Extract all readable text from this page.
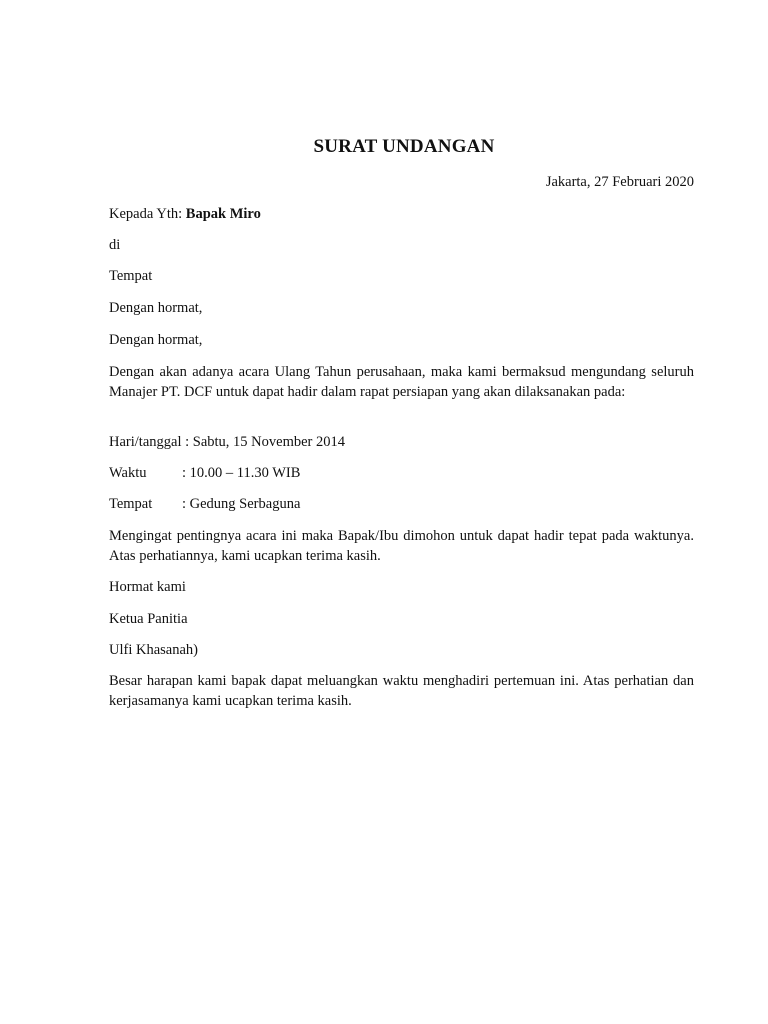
SURAT UNDANGAN
Jakarta, 27 Februari 2020
Kepada Yth: Bapak Miro
di
Tempat
Dengan hormat,
Dengan hormat,
Dengan akan adanya acara Ulang Tahun perusahaan, maka kami bermaksud mengundang seluruh Manajer PT. DCF untuk dapat hadir dalam rapat persiapan yang akan dilaksanakan pada:
Hari/tanggal : Sabtu, 15 November 2014
Waktu : 10.00 – 11.30 WIB
Tempat : Gedung Serbaguna
Mengingat pentingnya acara ini maka Bapak/Ibu dimohon untuk dapat hadir tepat pada waktunya. Atas perhatiannya, kami ucapkan terima kasih.
Hormat kami
Ketua Panitia
Ulfi Khasanah)
Besar harapan kami bapak dapat meluangkan waktu menghadiri pertemuan ini. Atas perhatian dan kerjasamanya kami ucapkan terima kasih.
